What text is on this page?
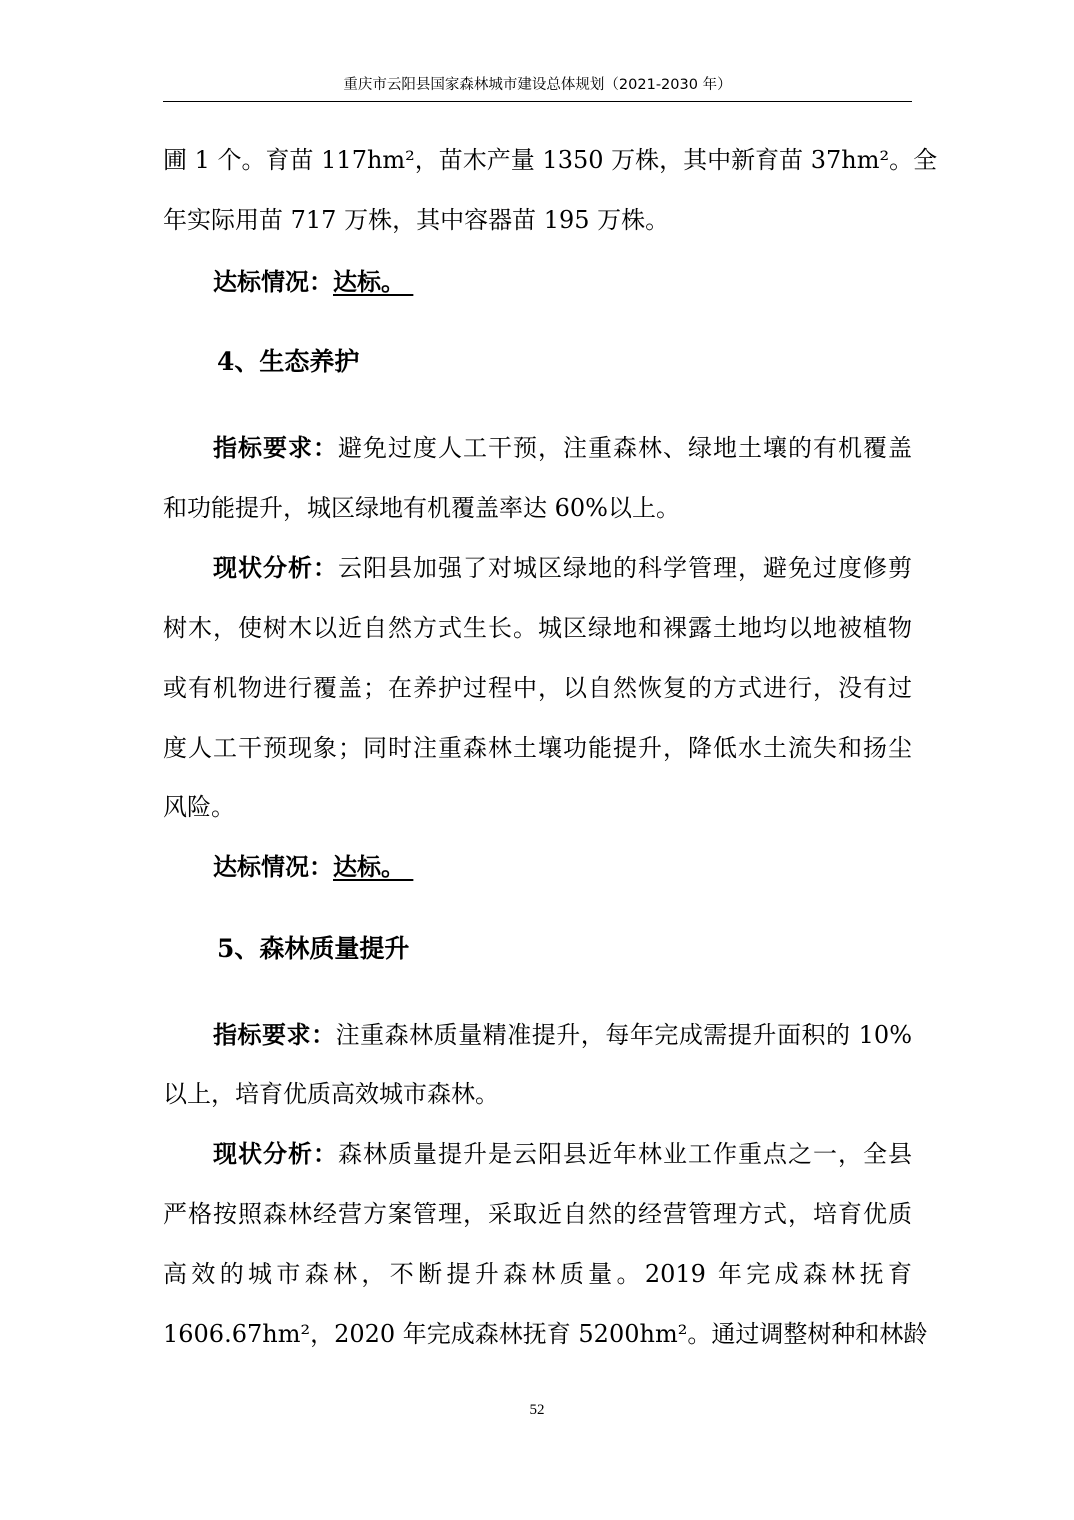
重庆市云阳县国家森林城市建设总体规划（2021-2030 年）
圃 1 个。育苗 117hm²，苗木产量 1350 万株，其中新育苗 37hm²。全
年实际用苗 717 万株，其中容器苗 195 万株。
达标情况：达标。
4、生态养护
指标要求：避免过度人工干预，注重森林、绿地土壤的有机覆盖
和功能提升，城区绿地有机覆盖率达 60%以上。
现状分析：云阳县加强了对城区绿地的科学管理，避免过度修剪
树木，使树木以近自然方式生长。城区绿地和裸露土地均以地被植物
或有机物进行覆盖；在养护过程中，以自然恢复的方式进行，没有过
度人工干预现象；同时注重森林土壤功能提升，降低水土流失和扬尘
风险。
达标情况：达标。
5、森林质量提升
指标要求：注重森林质量精准提升，每年完成需提升面积的 10%
以上，培育优质高效城市森林。
现状分析：森林质量提升是云阳县近年林业工作重点之一，全县
严格按照森林经营方案管理，采取近自然的经营管理方式，培育优质
高效的城市森林，不断提升森林质量。2019 年完成森林抚育
1606.67hm²，2020 年完成森林抚育 5200hm²。通过调整树种和林龄
52
